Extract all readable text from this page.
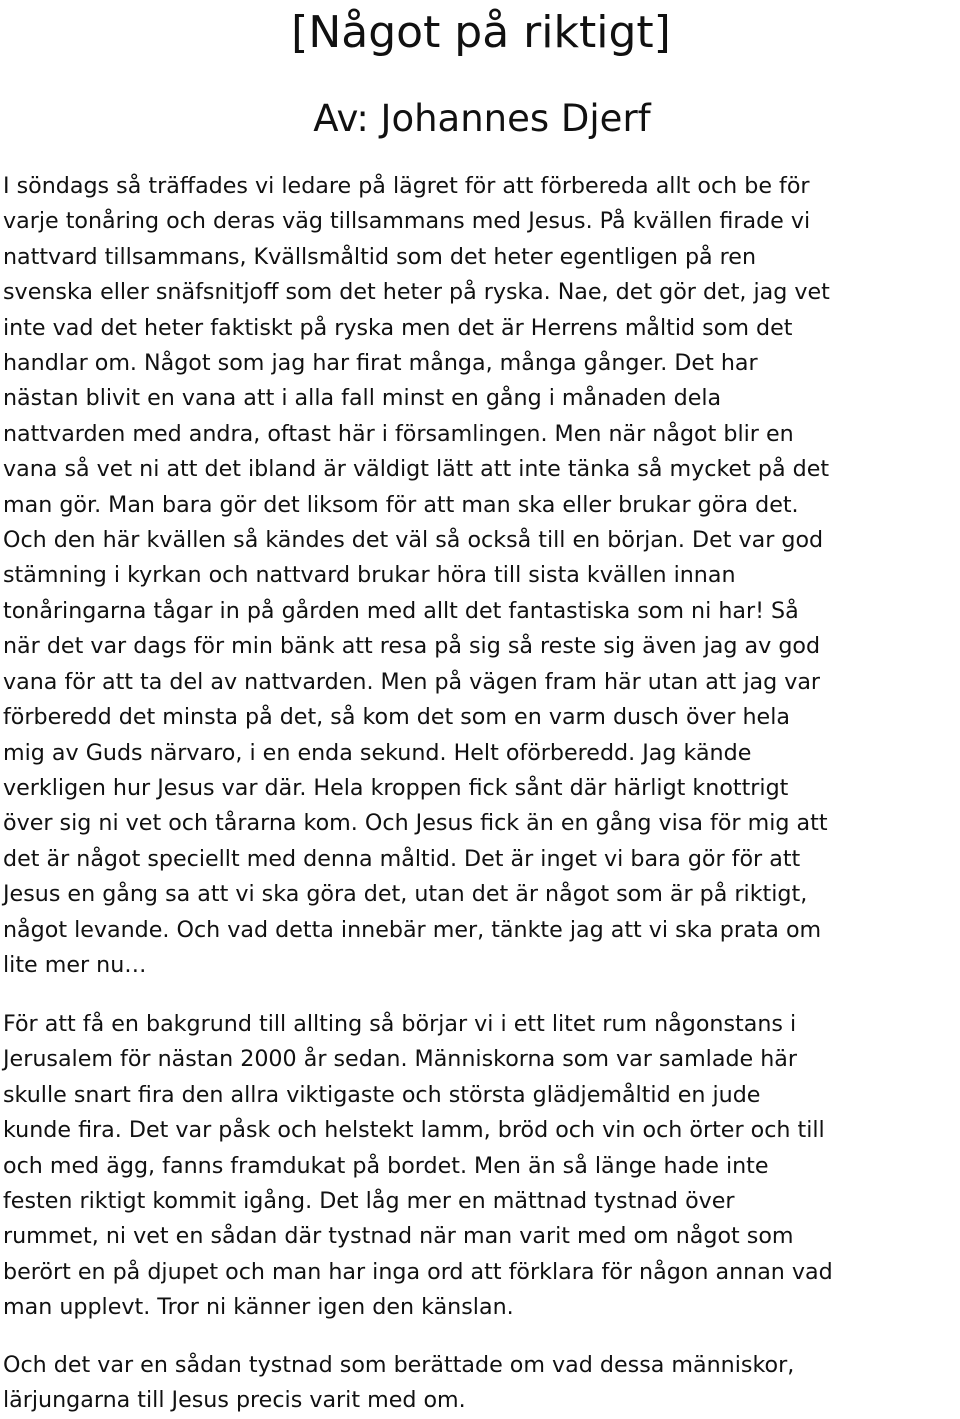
[Något på riktigt]
Av: Johannes Djerf
I söndags så träffades vi ledare på lägret för att förbereda allt och be för
varje tonåring och deras väg tillsammans med Jesus. På kvällen firade vi
nattvard tillsammans, Kvällsmåltid som det heter egentligen på ren
svenska eller snäfsnitjoff som det heter på ryska. Nae, det gör det, jag vet
inte vad det heter faktiskt på ryska men det är Herrens måltid som det
handlar om. Något som jag har firat många, många gånger. Det har
nästan blivit en vana att i alla fall minst en gång i månaden dela
nattvarden med andra, oftast här i församlingen. Men när något blir en
vana så vet ni att det ibland är väldigt lätt att inte tänka så mycket på det
man gör. Man bara gör det liksom för att man ska eller brukar göra det.
Och den här kvällen så kändes det väl så också till en början. Det var god
stämning i kyrkan och nattvard brukar höra till sista kvällen innan
tonåringarna tågar in på gården med allt det fantastiska som ni har! Så
när det var dags för min bänk att resa på sig så reste sig även jag av god
vana för att ta del av nattvarden. Men på vägen fram här utan att jag var
förberedd det minsta på det, så kom det som en varm dusch över hela
mig av Guds närvaro, i en enda sekund. Helt oförberedd. Jag kände
verkligen hur Jesus var där. Hela kroppen fick sånt där härligt knottrigt
över sig ni vet och tårarna kom. Och Jesus fick än en gång visa för mig att
det är något speciellt med denna måltid. Det är inget vi bara gör för att
Jesus en gång sa att vi ska göra det, utan det är något som är på riktigt,
något levande. Och vad detta innebär mer, tänkte jag att vi ska prata om
lite mer nu…
För att få en bakgrund till allting så börjar vi i ett litet rum någonstans i
Jerusalem för nästan 2000 år sedan. Människorna som var samlade här
skulle snart fira den allra viktigaste och största glädjemåltid en jude
kunde fira. Det var påsk och helstekt lamm, bröd och vin och örter och till
och med ägg, fanns framdukat på bordet. Men än så länge hade inte
festen riktigt kommit igång. Det låg mer en mättnad tystnad över
rummet, ni vet en sådan där tystnad när man varit med om något som
berört en på djupet och man har inga ord att förklara för någon annan vad
man upplevt. Tror ni känner igen den känslan.
Och det var en sådan tystnad som berättade om vad dessa människor,
lärjungarna till Jesus precis varit med om.
